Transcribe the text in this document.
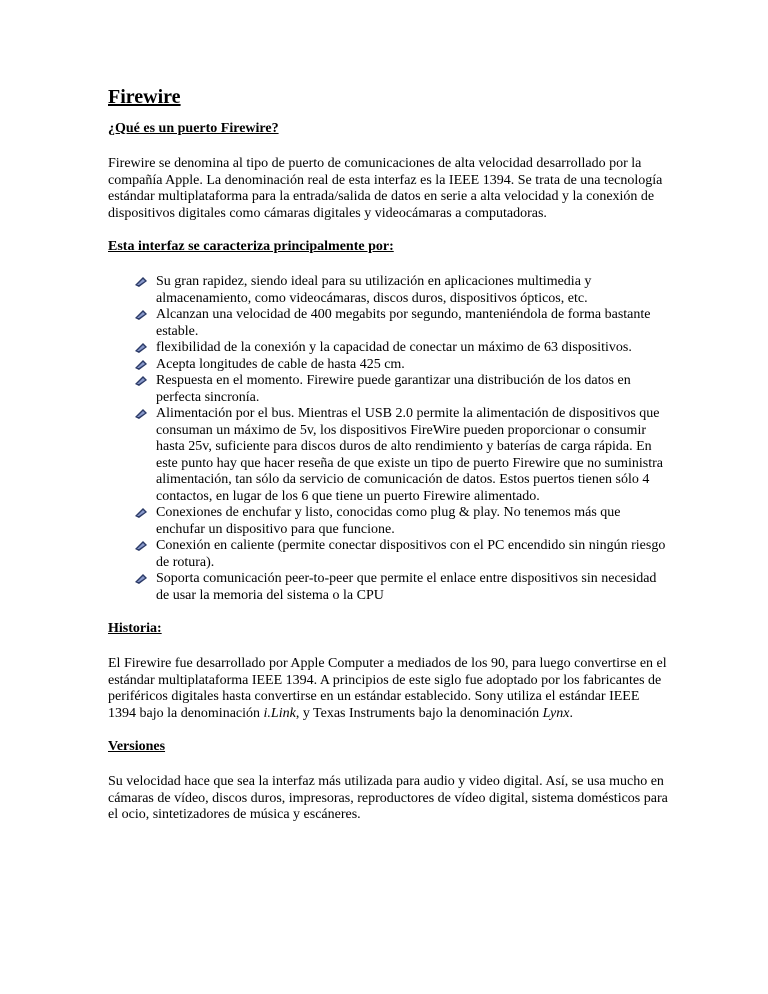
Firewire
¿Qué es un puerto Firewire?

Firewire se denomina al tipo de puerto de comunicaciones de alta velocidad desarrollado por la compañía Apple. La denominación real de esta interfaz es la IEEE 1394. Se trata de una tecnología estándar multiplataforma para la entrada/salida de datos en serie a alta velocidad y la conexión de dispositivos digitales como cámaras digitales y videocámaras a computadoras.

Esta interfaz se caracteriza principalmente por:
Su gran rapidez, siendo ideal para su utilización en aplicaciones multimedia y almacenamiento, como videocámaras, discos duros, dispositivos ópticos, etc.
Alcanzan una velocidad de 400 megabits por segundo, manteniéndola de forma bastante estable.
flexibilidad de la conexión y la capacidad de conectar un máximo de 63 dispositivos.
Acepta longitudes de cable de hasta 425 cm.
Respuesta en el momento. Firewire puede garantizar una distribución de los datos en perfecta sincronía.
Alimentación por el bus. Mientras el USB 2.0 permite la alimentación de dispositivos que consuman un máximo de 5v, los dispositivos FireWire pueden proporcionar o consumir hasta 25v, suficiente para discos duros de alto rendimiento y baterías de carga rápida. En este punto hay que hacer reseña de que existe un tipo de puerto Firewire que no suministra alimentación, tan sólo da servicio de comunicación de datos. Estos puertos tienen sólo 4 contactos, en lugar de los 6 que tiene un puerto Firewire alimentado.
Conexiones de enchufar y listo, conocidas como plug & play. No tenemos más que enchufar un dispositivo para que funcione.
Conexión en caliente (permite conectar dispositivos con el PC encendido sin ningún riesgo de rotura).
Soporta comunicación peer-to-peer que permite el enlace entre dispositivos sin necesidad de usar la memoria del sistema o la CPU
Historia:

El Firewire fue desarrollado por Apple Computer a mediados de los 90, para luego convertirse en el estándar multiplataforma IEEE 1394. A principios de este siglo fue adoptado por los fabricantes de periféricos digitales hasta convertirse en un estándar establecido. Sony utiliza el estándar IEEE 1394 bajo la denominación i.Link, y Texas Instruments bajo la denominación Lynx.

Versiones

Su velocidad hace que sea la interfaz más utilizada para audio y video digital. Así, se usa mucho en cámaras de vídeo, discos duros, impresoras, reproductores de vídeo digital, sistema domésticos para el ocio, sintetizadores de música y escáneres.
